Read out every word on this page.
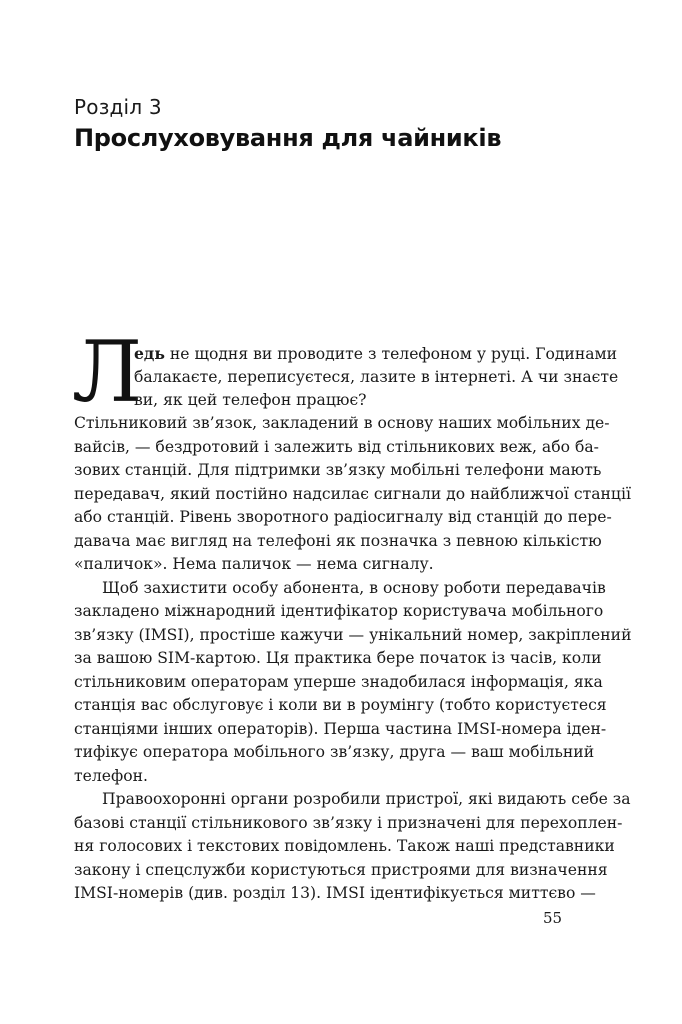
Розділ 3
Прослуховування для чайників
Л
едь не щодня ви проводите з телефоном у руці. Годинами
балакаєте, переписуєтеся, лазите в інтернеті. А чи знаєте
ви, як цей телефон працює?
Стільниковий зв’язок, закладений в основу наших мобільних де-
вайсів, — бездротовий і залежить від стільникових веж, або ба-
зових станцій. Для підтримки зв’язку мобільні телефони мають
передавач, який постійно надсилає сигнали до найближчої станції
або станцій. Рівень зворотного радіосигналу від станцій до пере-
давача має вигляд на телефоні як позначка з певною кількістю
«паличок». Нема паличок — нема сигналу.
Щоб захистити особу абонента, в основу роботи передавачів
закладено міжнародний ідентифікатор користувача мобільного
зв’язку (IMSI), простіше кажучи — унікальний номер, закріплений
за вашою SIM-картою. Ця практика бере початок із часів, коли
стільниковим операторам уперше знадобилася інформація, яка
станція вас обслуговує і коли ви в роумінгу (тобто користуєтеся
станціями інших операторів). Перша частина IMSI-номера іден-
тифікує оператора мобільного зв’язку, друга — ваш мобільний
телефон.
Правоохоронні органи розробили пристрої, які видають себе за
базові станції стільникового зв’язку і призначені для перехоплен-
ня голосових і текстових повідомлень. Також наші представники
закону і спецслужби користуються пристроями для визначення
IMSI-номерів (див. розділ 13). IMSI ідентифікується миттєво —
55
